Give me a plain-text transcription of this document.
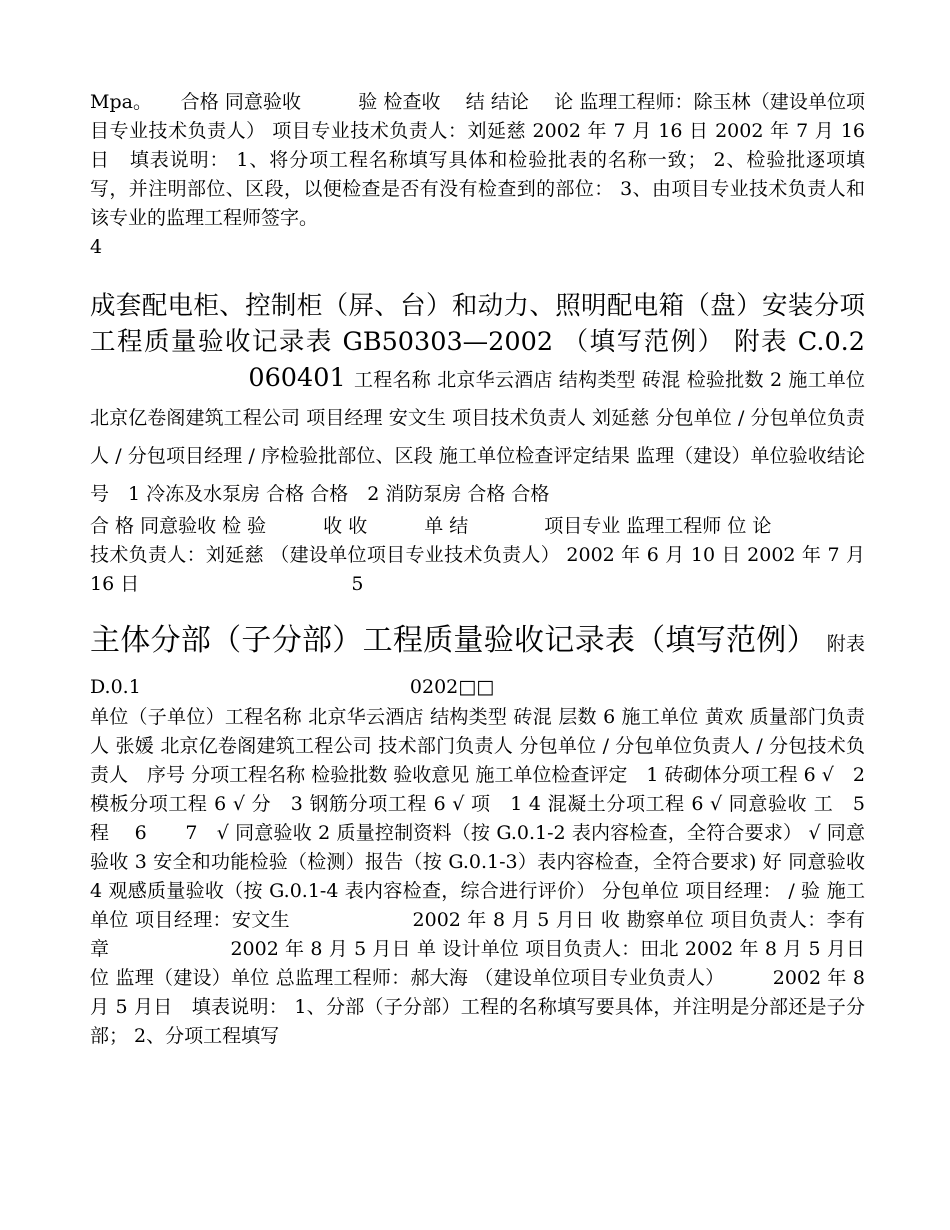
Mpa。　　合格 同意验收　　　验 检查收　 结 结论　 论 监理工程师：除玉林（建设单位项目专业技术负责人） 项目专业技术负责人：刘延慈 2002 年 7 月 16 日 2002 年 7 月 16 日　填表说明： 1、将分项工程名称填写具体和检验批表的名称一致； 2、检验批逐项填写，并注明部位、区段，以便检查是否有没有检查到的部位： 3、由项目专业技术负责人和该专业的监理工程师签字。
4

成套配电柜、控制柜（屏、台）和动力、照明配电箱（盘）安装分项工程质量验收记录表 GB50303—2002 （填写范例） 附表 C.0.2  060401 工程名称 北京华云酒店 结构类型 砖混 检验批数 2 施工单位 北京亿卷阁建筑工程公司 项目经理 安文生 项目技术负责人 刘延慈 分包单位 / 分包单位负责人 / 分包项目经理 / 序检验批部位、区段 施工单位检查评定结果 监理（建设）单位验收结论 号　1 冷冻及水泵房 合格 合格　2 消防泵房 合格 合格

合 格 同意验收 检 验　　　收 收　　　单 结　　　　项目专业 监理工程师 位 论

技术负责人：刘延慈 （建设单位项目专业技术负责人） 2002 年 6 月 10 日 2002 年 7 月 16 日	5

主体分部（子分部）工程质量验收记录表（填写范例） 附表 D.0.1	0202□□

单位（子单位）工程名称 北京华云酒店 结构类型 砖混 层数 6 施工单位 黄欢 质量部门负责人 张媛 北京亿卷阁建筑工程公司 技术部门负责人 分包单位 / 分包单位负责人 / 分包技术负责人　序号 分项工程名称 检验批数 验收意见 施工单位检查评定　1 砖砌体分项工程 6 √　2 模板分项工程 6 √ 分　3 钢筋分项工程 6 √ 项　1 4 混凝土分项工程 6 √ 同意验收 工　5　 程　 6　　7　√ 同意验收 2 质量控制资料（按 G.0.1-2 表内容检查，全符合要求） √ 同意验收 3 安全和功能检验（检测）报告（按 G.0.1-3）表内容检查，全符合要求) 好 同意验收 4 观感质量验收（按 G.0.1-4 表内容检查，综合进行评价） 分包单位 项目经理： / 验 施工单位 项目经理：安文生　　　　　　 2002 年 8 月 5 月日 收 勘察单位 项目负责人：李有章　　　　　　 2002 年 8 月 5 月日 单 设计单位 项目负责人：田北 2002 年 8 月 5 月日 位 监理（建设）单位 总监理工程师：郝大海 （建设单位项目专业负责人）　　　2002 年 8 月 5 月日　填表说明： 1、分部（子分部）工程的名称填写要具体，并注明是分部还是子分部； 2、分项工程填写
